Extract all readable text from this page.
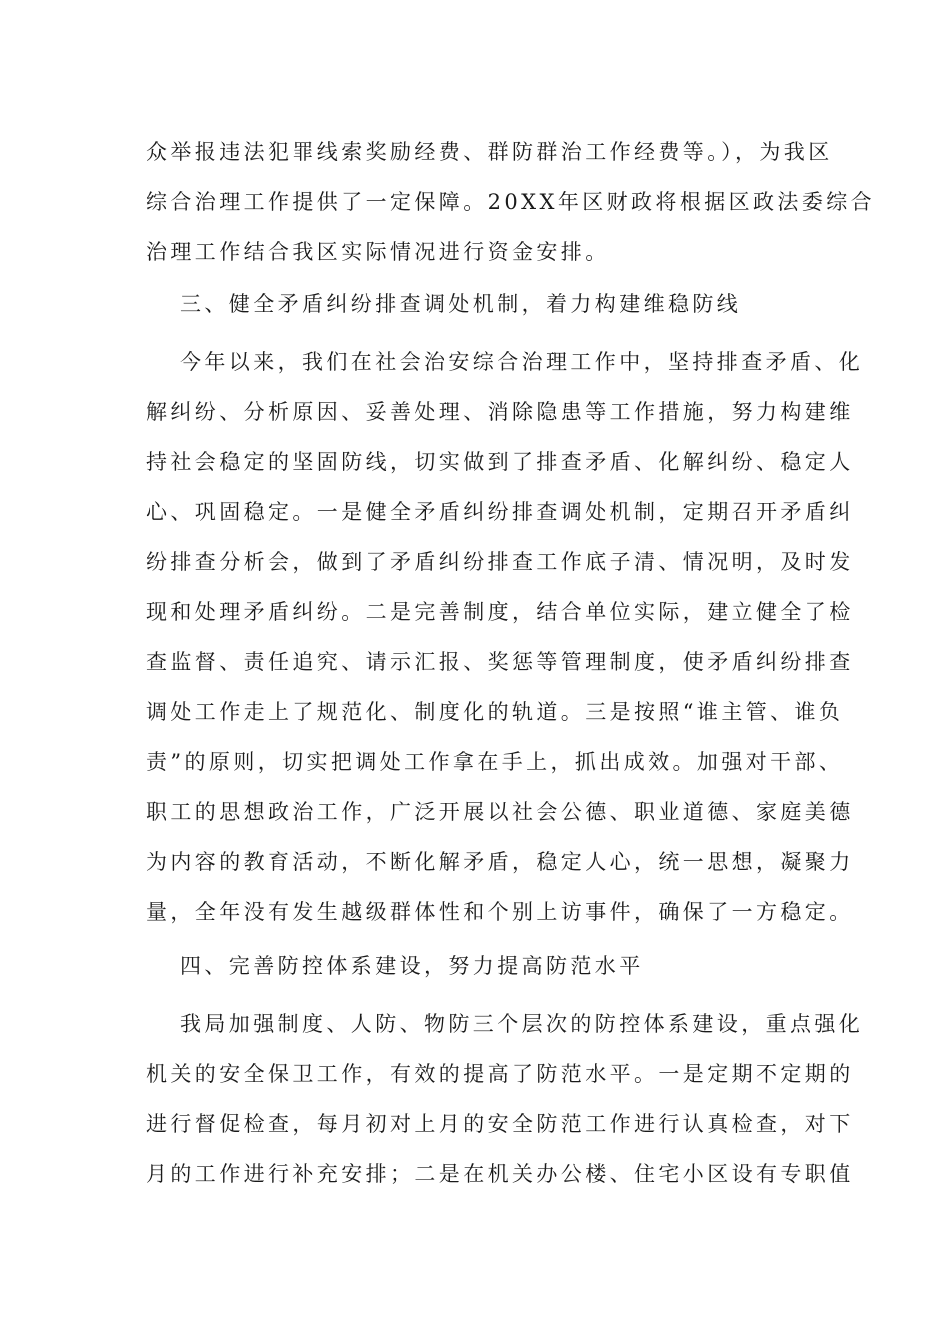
众举报违法犯罪线索奖励经费、群防群治工作经费等。），为我区
综合治理工作提供了一定保障。20XX年区财政将根据区政法委综合
治理工作结合我区实际情况进行资金安排。
三、健全矛盾纠纷排查调处机制，着力构建维稳防线
今年以来，我们在社会治安综合治理工作中，坚持排查矛盾、化
解纠纷、分析原因、妥善处理、消除隐患等工作措施，努力构建维
持社会稳定的坚固防线，切实做到了排查矛盾、化解纠纷、稳定人
心、巩固稳定。一是健全矛盾纠纷排查调处机制，定期召开矛盾纠
纷排查分析会，做到了矛盾纠纷排查工作底子清、情况明，及时发
现和处理矛盾纠纷。二是完善制度，结合单位实际，建立健全了检
查监督、责任追究、请示汇报、奖惩等管理制度，使矛盾纠纷排查
调处工作走上了规范化、制度化的轨道。三是按照“谁主管、谁负
责”的原则，切实把调处工作拿在手上，抓出成效。加强对干部、
职工的思想政治工作，广泛开展以社会公德、职业道德、家庭美德
为内容的教育活动，不断化解矛盾，稳定人心，统一思想，凝聚力
量，全年没有发生越级群体性和个别上访事件，确保了一方稳定。
四、完善防控体系建设，努力提高防范水平
我局加强制度、人防、物防三个层次的防控体系建设，重点强化
机关的安全保卫工作，有效的提高了防范水平。一是定期不定期的
进行督促检查，每月初对上月的安全防范工作进行认真检查，对下
月的工作进行补充安排；二是在机关办公楼、住宅小区设有专职值
